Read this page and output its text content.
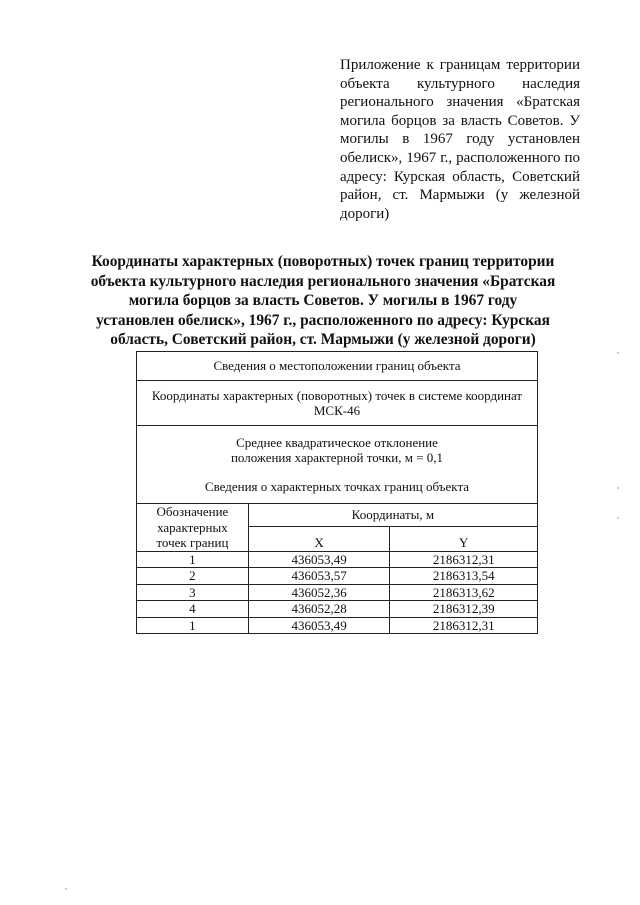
Приложение к границам территории объекта культурного наследия регионального значения «Братская могила борцов за власть Советов. У могилы в 1967 году установлен обелиск», 1967 г., расположенного по адресу: Курская область, Советский район, ст. Мармыжи (у железной дороги)
Координаты характерных (поворотных) точек границ территории объекта культурного наследия регионального значения «Братская могила борцов за власть Советов. У могилы в 1967 году установлен обелиск», 1967 г., расположенного по адресу: Курская область, Советский район, ст. Мармыжи (у железной дороги)
Сведения о местоположении границ объекта		
Координаты характерных (поворотных) точек в системе координат МСК-46		

Среднее квадратическое отклонение
положения характерной точки, м = 0,1
Сведения о характерных точках границ объекта		

Обозначение характерных точек границ	Координаты, м	
	X	Y
1	436053,49	2186312,31
2	436053,57	2186313,54
3	436052,36	2186313,62
4	436052,28	2186312,39
1	436053,49	2186312,31
